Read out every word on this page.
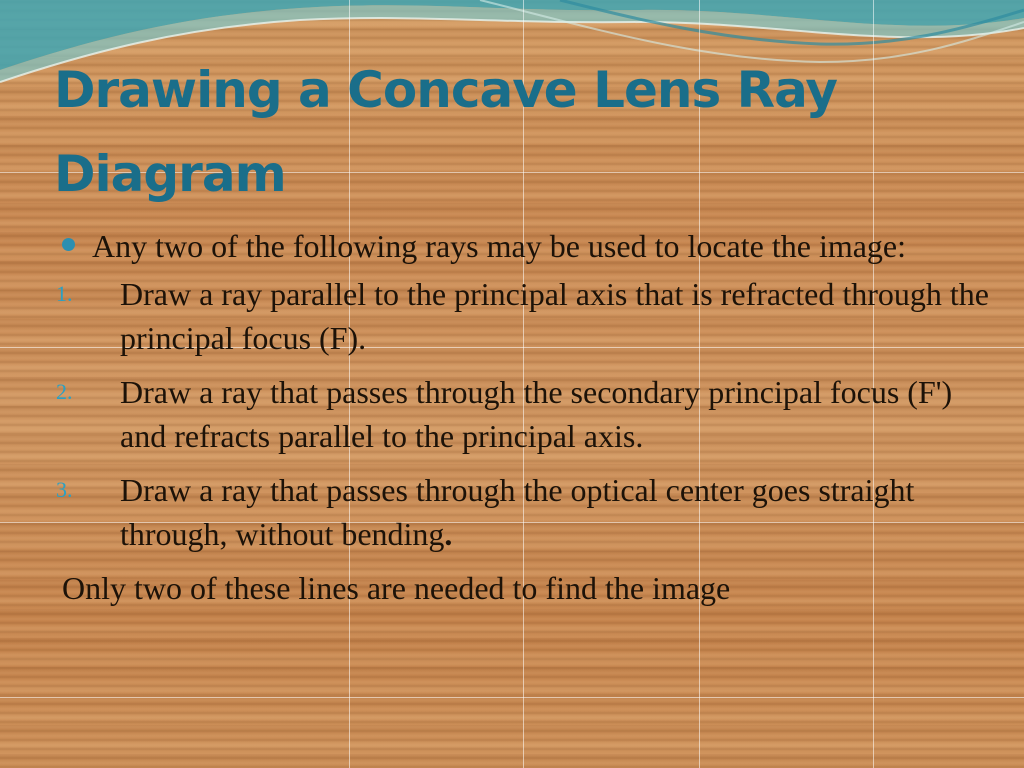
Drawing a Concave Lens Ray Diagram

Any two of the following rays may be used to locate the image:

1. Draw a ray parallel to the principal axis that is refracted through the principal focus (F).

2. Draw a ray that passes through the secondary principal focus (F') and refracts parallel to the principal axis.

3. Draw a ray that passes through the optical center goes straight through, without bending.

Only two of these lines are needed to find the image
